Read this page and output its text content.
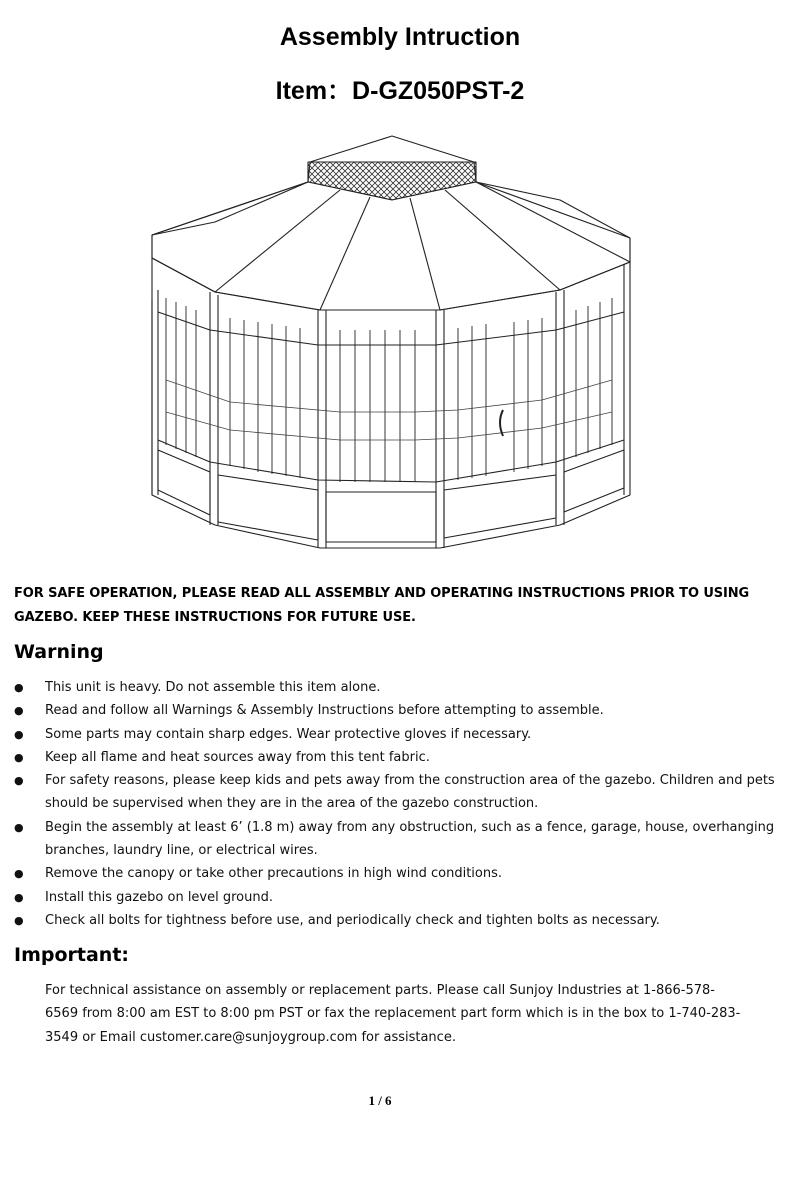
Assembly Intruction
Item：D-GZ050PST-2

FOR SAFE OPERATION, PLEASE READ ALL ASSEMBLY AND OPERATING INSTRUCTIONS PRIOR TO USING GAZEBO. KEEP THESE INSTRUCTIONS FOR FUTURE USE.

Warning
● This unit is heavy. Do not assemble this item alone.
● Read and follow all Warnings & Assembly Instructions before attempting to assemble.
● Some parts may contain sharp edges. Wear protective gloves if necessary.
● Keep all flame and heat sources away from this tent fabric.
● For safety reasons, please keep kids and pets away from the construction area of the gazebo. Children and pets should be supervised when they are in the area of the gazebo construction.
● Begin the assembly at least 6’ (1.8 m) away from any obstruction, such as a fence, garage, house, overhanging branches, laundry line, or electrical wires.
● Remove the canopy or take other precautions in high wind conditions.
● Install this gazebo on level ground.
● Check all bolts for tightness before use, and periodically check and tighten bolts as necessary.
Important:

For technical assistance on assembly or replacement parts. Please call Sunjoy Industries at 1-866-578-6569 from 8:00 am EST to 8:00 pm PST or fax the replacement part form which is in the box to 1-740-283-3549 or Email customer.care@sunjoygroup.com for assistance.

1 / 6
